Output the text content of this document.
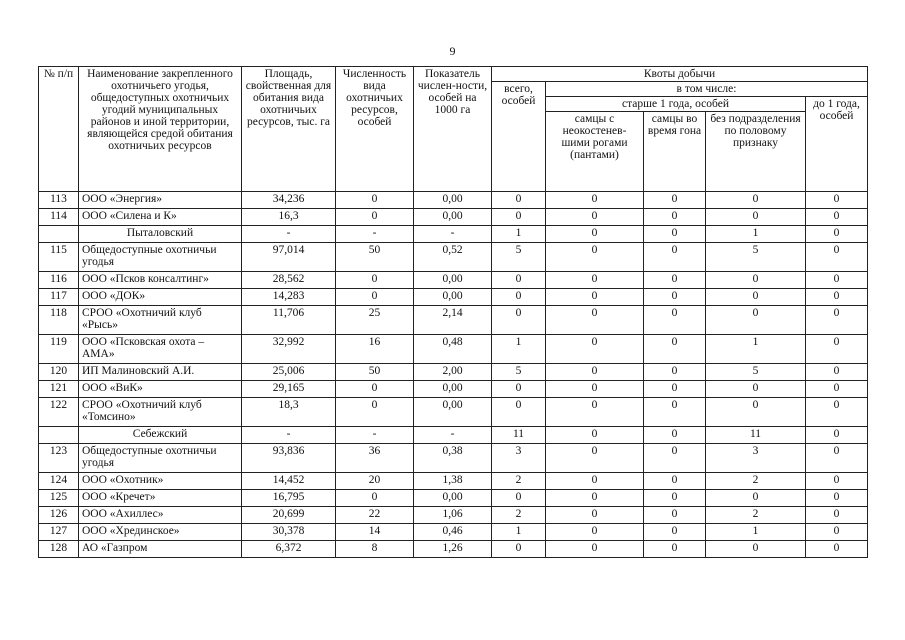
9
№ п/п	Наименование закрепленного охотничьего угодья, общедоступных охотничьих угодий муниципальных районов и иной территории, являющейся средой обитания охотничьих ресурсов	Площадь, свойственная для обитания вида охотничьих ресурсов, тыс. га	Численность вида охотничьих ресурсов, особей	Показатель числен-ности, особей на 1000 га	Квоты добычи				
					всего, особей	в том числе:			
						старше 1 года, особей			до 1 года, особей
						самцы с неокостенев-шими рогами (пантами)	самцы во время гона	без подразделения по половому признаку	
113	ООО «Энергия»	34,236	0	0,00	0	0	0	0	0
114	ООО «Силена и К»	16,3	0	0,00	0	0	0	0	0
	Пыталовский	-	-	-	1	0	0	1	0
115	Общедоступные охотничьи угодья	97,014	50	0,52	5	0	0	5	0
116	ООО «Псков консалтинг»	28,562	0	0,00	0	0	0	0	0
117	ООО «ДОК»	14,283	0	0,00	0	0	0	0	0
118	СРОО «Охотничий клуб «Рысь»	11,706	25	2,14	0	0	0	0	0
119	ООО «Псковская охота – АМА»	32,992	16	0,48	1	0	0	1	0
120	ИП Малиновский А.И.	25,006	50	2,00	5	0	0	5	0
121	ООО «ВиК»	29,165	0	0,00	0	0	0	0	0
122	СРОО «Охотничий клуб «Томсино»	18,3	0	0,00	0	0	0	0	0
	Себежский	-	-	-	11	0	0	11	0
123	Общедоступные охотничьи угодья	93,836	36	0,38	3	0	0	3	0
124	ООО «Охотник»	14,452	20	1,38	2	0	0	2	0
125	ООО «Кречет»	16,795	0	0,00	0	0	0	0	0
126	ООО «Ахиллес»	20,699	22	1,06	2	0	0	2	0
127	ООО «Хрединское»	30,378	14	0,46	1	0	0	1	0
128	АО «Газпром	6,372	8	1,26	0	0	0	0	0
